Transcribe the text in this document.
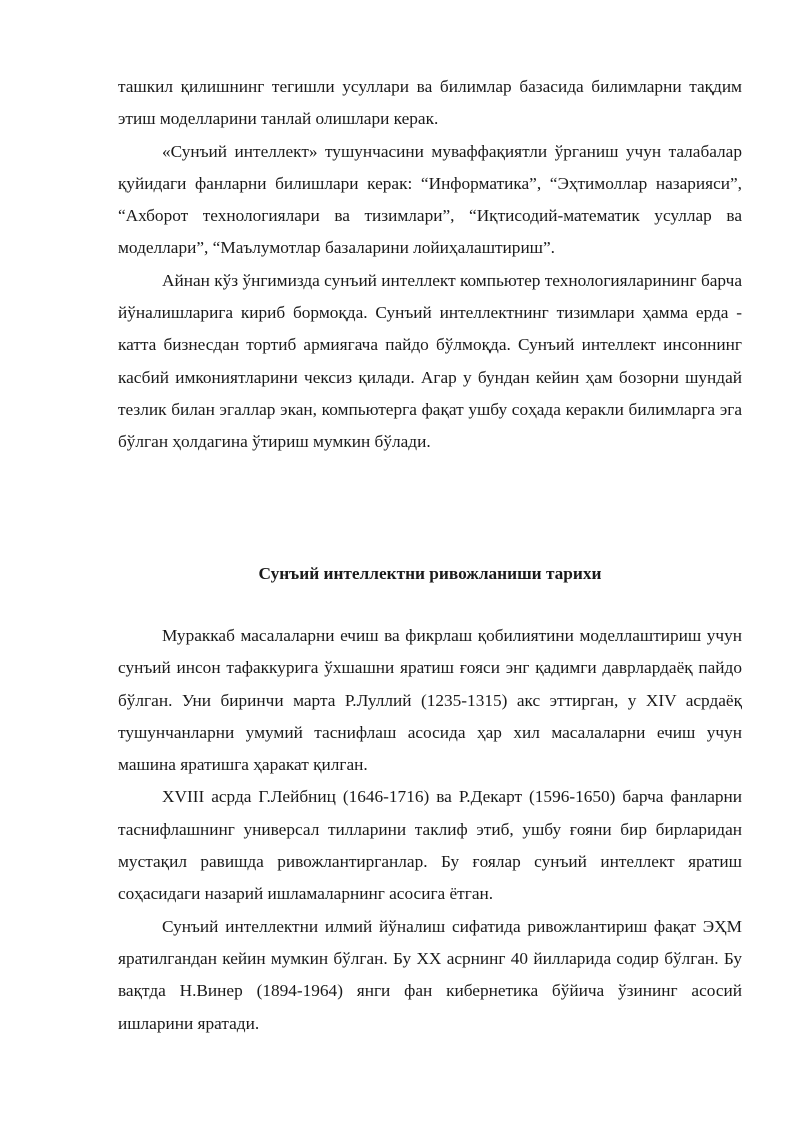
ташкил қилишнинг тегишли усуллари ва билимлар базасида билимларни тақдим этиш моделларини танлай олишлари керак.

«Сунъий интеллект» тушунчасини муваффақиятли ўрганиш учун талабалар қуйидаги фанларни билишлари керак: “Информатика”, “Эҳтимоллар назарияси”, “Ахборот технологиялари ва тизимлари”, “Иқтисодий-математик усуллар ва моделлари”, “Маълумотлар базаларини лойиҳалаштириш”.

Айнан кўз ўнгимизда сунъий интеллект компьютер технологияларининг барча йўналишларига кириб бормоқда. Сунъий интеллектнинг тизимлари ҳамма ерда - катта бизнесдан тортиб армиягача пайдо бўлмоқда. Сунъий интеллект инсоннинг касбий имкониятларини чексиз қилади. Агар у бундан кейин ҳам бозорни шундай тезлик билан эгаллар экан, компьютерга фақат ушбу соҳада керакли билимларга эга бўлган ҳолдагина ўтириш мумкин бўлади.

Сунъий интеллектни ривожланиши тарихи

Мураккаб масалаларни ечиш ва фикрлаш қобилиятини моделлаштириш учун сунъий инсон тафаккурига ўхшашни яратиш ғояси энг қадимги даврлардаёқ пайдо бўлган. Уни биринчи марта Р.Луллий (1235-1315) акс эттирган, у XIV асрдаёқ тушунчанларни умумий таснифлаш асосида ҳар хил масалаларни ечиш учун машина яратишга ҳаракат қилган.

XVIII асрда Г.Лейбниц (1646-1716) ва Р.Декарт (1596-1650) барча фанларни таснифлашнинг универсал тилларини таклиф этиб, ушбу ғояни бир бирларидан мустақил равишда ривожлантирганлар. Бу ғоялар сунъий интеллект яратиш соҳасидаги назарий ишламаларнинг асосига ётган.

Сунъий интеллектни илмий йўналиш сифатида ривожлантириш фақат ЭҲМ яратилгандан кейин мумкин бўлган. Бу XX асрнинг 40 йилларида содир бўлган. Бу вақтда Н.Винер (1894-1964) янги фан кибернетика бўйича ўзининг асосий ишларини яратади.
